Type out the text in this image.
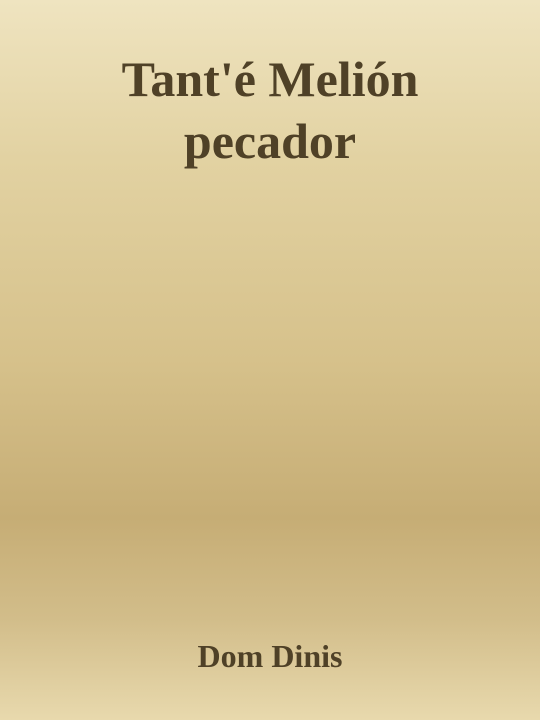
Tant'é Melión
pecador
Dom Dinis
